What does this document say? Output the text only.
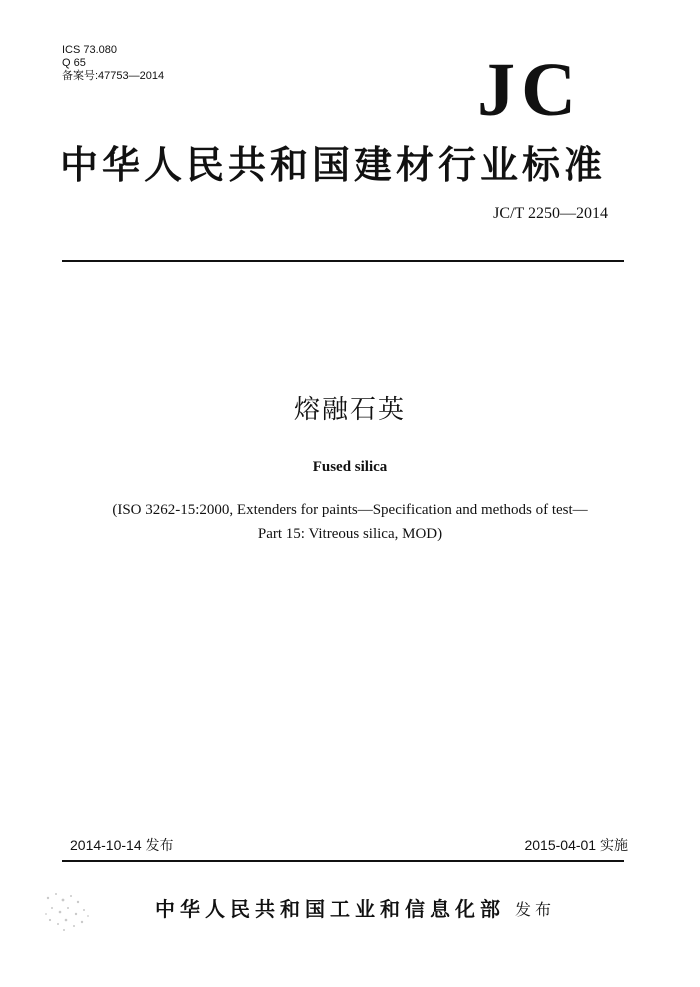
ICS 73.080
Q 65
备案号:47753—2014	JC
中华人民共和国建材行业标准
JC/T 2250—2014
熔融石英
Fused silica
(ISO 3262-15:2000, Extenders for paints—Specification and methods of test—
Part 15: Vitreous silica, MOD)
2014-10-14 发布	2015-04-01 实施
中华人民共和国工业和信息化部 发布
